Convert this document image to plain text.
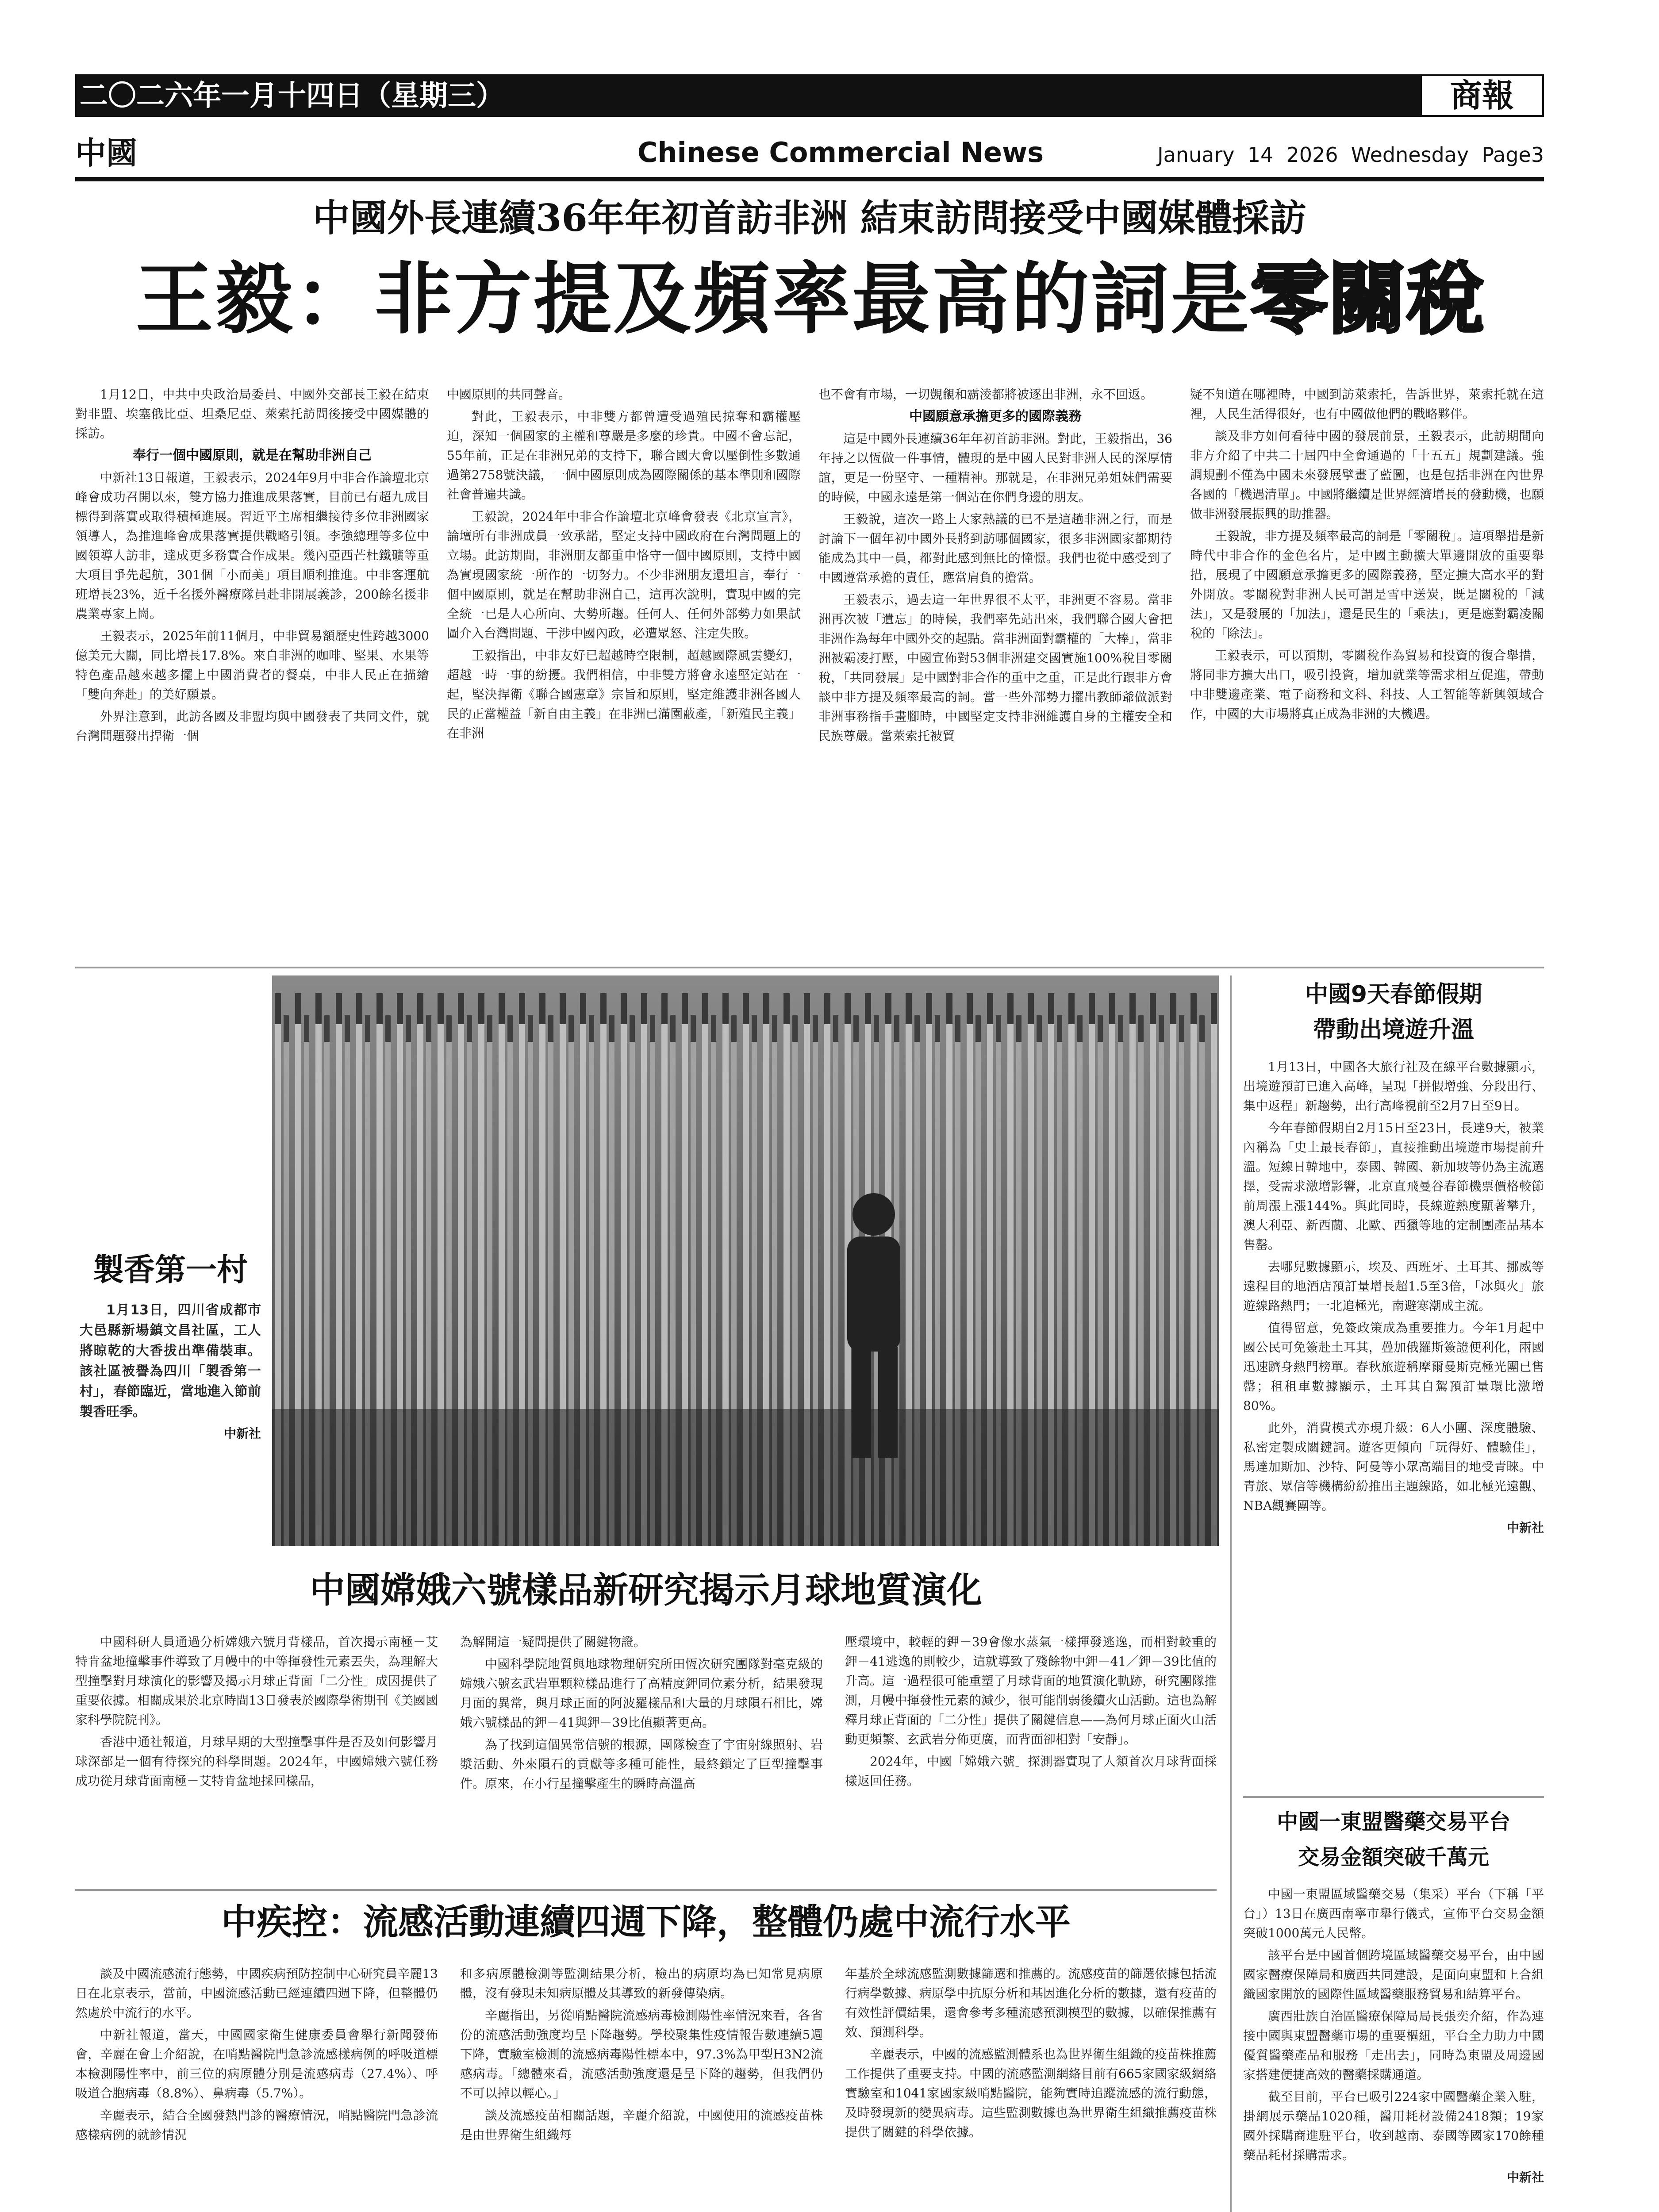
二〇二六年一月十四日（星期三）	商報
中國	Chinese Commercial News	January  14  2026  Wednesday  Page3
中國外長連續36年年初首訪非洲 結束訪問接受中國媒體採訪
王毅：非方提及頻率最高的詞是零關稅

1月12日，中共中央政治局委員、中國外交部長王毅在結束對非盟、埃塞俄比亞、坦桑尼亞、萊索托訪問後接受中國媒體的採訪。

奉行一個中國原則，就是在幫助非洲自己

中新社13日報道，王毅表示，2024年9月中非合作論壇北京峰會成功召開以來，雙方協力推進成果落實，目前已有超九成目標得到落實或取得積極進展。習近平主席相繼接待多位非洲國家領導人，為推進峰會成果落實提供戰略引領。李強總理等多位中國領導人訪非，達成更多務實合作成果。幾內亞西芒杜鐵礦等重大項目爭先起航，301個「小而美」項目順利推進。中非客運航班增長23%，近千名援外醫療隊員赴非開展義診，200餘名援非農業專家上崗。

王毅表示，2025年前11個月，中非貿易額歷史性跨越3000億美元大關，同比增長17.8%。來自非洲的咖啡、堅果、水果等特色產品越來越多擺上中國消費者的餐桌，中非人民正在描繪「雙向奔赴」的美好願景。

外界注意到，此訪各國及非盟均與中國發表了共同文件，就台灣問題發出捍衛一個

中國原則的共同聲音。

對此，王毅表示，中非雙方都曾遭受過殖民掠奪和霸權壓迫，深知一個國家的主權和尊嚴是多麼的珍貴。中國不會忘記，55年前，正是在非洲兄弟的支持下，聯合國大會以壓倒性多數通過第2758號決議，一個中國原則成為國際關係的基本準則和國際社會普遍共識。

王毅說，2024年中非合作論壇北京峰會發表《北京宣言》，論壇所有非洲成員一致承諾，堅定支持中國政府在台灣問題上的立場。此訪期間，非洲朋友都重申恪守一個中國原則，支持中國為實現國家統一所作的一切努力。不少非洲朋友還坦言，奉行一個中國原則，就是在幫助非洲自己，這再次說明，實現中國的完全統一已是人心所向、大勢所趨。任何人、任何外部勢力如果試圖介入台灣問題、干涉中國內政，必遭眾怒、注定失敗。

王毅指出，中非友好已超越時空限制，超越國際風雲變幻，超越一時一事的紛擾。我們相信，中非雙方將會永遠堅定站在一起，堅決捍衛《聯合國憲章》宗旨和原則，堅定維護非洲各國人民的正當權益「新自由主義」在非洲已滿園蔽產，「新殖民主義」在非洲

也不會有市場，一切覬覦和霸淩都將被逐出非洲，永不回返。

中國願意承擔更多的國際義務

這是中國外長連續36年年初首訪非洲。對此，王毅指出，36年持之以恆做一件事情，體現的是中國人民對非洲人民的深厚情誼，更是一份堅守、一種精神。那就是，在非洲兄弟姐妹們需要的時候，中國永遠是第一個站在你們身邊的朋友。

王毅說，這次一路上大家熱議的已不是這趟非洲之行，而是討論下一個年初中國外長將到訪哪個國家，很多非洲國家都期待能成為其中一員，都對此感到無比的憧憬。我們也從中感受到了中國遵當承擔的責任，應當肩負的擔當。

王毅表示，過去這一年世界很不太平，非洲更不容易。當非洲再次被「遺忘」的時候，我們率先站出來，我們聯合國大會把非洲作為每年中國外交的起點。當非洲面對霸權的「大棒」，當非洲被霸凌打壓，中國宣佈對53個非洲建交國實施100%稅目零關稅，「共同發展」是中國對非合作的重中之重，正是此行跟非方會談中非方提及頻率最高的詞。當一些外部勢力擺出教師爺做派對非洲事務指手畫腳時，中國堅定支持非洲維護自身的主權安全和民族尊嚴。當萊索托被貿

疑不知道在哪裡時，中國到訪萊索托，告訴世界，萊索托就在這裡，人民生活得很好，也有中國做他們的戰略夥伴。

談及非方如何看待中國的發展前景，王毅表示，此訪期間向非方介紹了中共二十屆四中全會通過的「十五五」規劃建議。強調規劃不僅為中國未來發展擘畫了藍圖，也是包括非洲在內世界各國的「機遇清單」。中國將繼續是世界經濟增長的發動機，也願做非洲發展振興的助推器。

王毅說，非方提及頻率最高的詞是「零關稅」。這項舉措是新時代中非合作的金色名片，是中國主動擴大單邊開放的重要舉措，展現了中國願意承擔更多的國際義務，堅定擴大高水平的對外開放。零關稅對非洲人民可謂是雪中送炭，既是關稅的「減法」，又是發展的「加法」，還是民生的「乘法」，更是應對霸凌關稅的「除法」。

王毅表示，可以預期，零關稅作為貿易和投資的復合舉措，將同非方擴大出口，吸引投資，增加就業等需求相互促進，帶動中非雙邊產業、電子商務和文科、科技、人工智能等新興領域合作，中國的大市場將真正成為非洲的大機遇。

製香第一村
1月13日，四川省成都市大邑縣新場鎮文昌社區，工人將晾乾的大香拔出準備裝車。該社區被譽為四川「製香第一村」，春節臨近，當地進入節前製香旺季。
中新社
中國9天春節假期
帶動出境遊升溫

1月13日，中國各大旅行社及在線平台數據顯示，出境遊預訂已進入高峰，呈現「拼假增強、分段出行、集中返程」新趨勢，出行高峰視前至2月7日至9日。

今年春節假期自2月15日至23日，長達9天，被業內稱為「史上最長春節」，直接推動出境遊市場提前升溫。短線日韓地中，泰國、韓國、新加坡等仍為主流選擇，受需求激增影響，北京直飛曼谷春節機票價格較節前周漲上漲144%。與此同時，長線遊熱度顯著攀升，澳大利亞、新西蘭、北歐、西獵等地的定制團產品基本售罄。

去哪兒數據顯示，埃及、西班牙、土耳其、挪威等遠程目的地酒店預訂量增長超1.5至3倍，「冰與火」旅遊線路熱門；一北追極光，南避寒潮成主流。

值得留意，免簽政策成為重要推力。今年1月起中國公民可免簽赴土耳其，疊加俄羅斯簽證便利化，兩國迅速躋身熱門榜單。春秋旅遊稱摩爾曼斯克極光團已售罄；租租車數據顯示，土耳其自駕預訂量環比激增80%。

此外，消費模式亦現升級：6人小團、深度體驗、私密定製成關鍵詞。遊客更傾向「玩得好、體驗佳」，馬達加斯加、沙特、阿曼等小眾高端目的地受青睞。中青旅、眾信等機構紛紛推出主題線路，如北極光遠觀、NBA觀賽團等。

中新社

中國嫦娥六號樣品新研究揭示月球地質演化

中國科研人員通過分析嫦娥六號月背樣品，首次揭示南極－艾特肯盆地撞擊事件導致了月幔中的中等揮發性元素丟失，為理解大型撞擊對月球演化的影響及揭示月球正背面「二分性」成因提供了重要依據。相關成果於北京時間13日發表於國際學術期刊《美國國家科學院院刊》。

香港中通社報道，月球早期的大型撞擊事件是否及如何影響月球深部是一個有待探究的科學問題。2024年，中國嫦娥六號任務成功從月球背面南極－艾特肯盆地採回樣品，

為解開這一疑問提供了關鍵物證。

中國科學院地質與地球物理研究所田恆次研究團隊對毫克級的嫦娥六號玄武岩單顆粒樣品進行了高精度鉀同位素分析，結果發現月面的異常，與月球正面的阿波羅樣品和大量的月球隕石相比，嫦娥六號樣品的鉀－41與鉀－39比值顯著更高。

為了找到這個異常信號的根源，團隊檢查了宇宙射線照射、岩漿活動、外來隕石的貢獻等多種可能性，最終鎖定了巨型撞擊事件。原來，在小行星撞擊產生的瞬時高溫高

壓環境中，較輕的鉀－39會像水蒸氣一樣揮發逃逸，而相對較重的鉀－41逃逸的則較少，這就導致了殘餘物中鉀－41／鉀－39比值的升高。這一過程很可能重塑了月球背面的地質演化軌跡，研究團隊推測，月幔中揮發性元素的減少，很可能削弱後續火山活動。這也為解釋月球正背面的「二分性」提供了關鍵信息——為何月球正面火山活動更頻繁、玄武岩分佈更廣，而背面卻相對「安靜」。

2024年，中國「嫦娥六號」探測器實現了人類首次月球背面採樣返回任務。

中疾控：流感活動連續四週下降，整體仍處中流行水平

談及中國流感流行態勢，中國疾病預防控制中心研究員辛麗13日在北京表示，當前，中國流感活動已經連續四週下降，但整體仍然處於中流行的水平。

中新社報道，當天，中國國家衛生健康委員會舉行新聞發佈會，辛麗在會上介紹說，在哨點醫院門急診流感樣病例的呼吸道標本檢測陽性率中，前三位的病原體分別是流感病毒（27.4%）、呼吸道合胞病毒（8.8%）、鼻病毒（5.7%）。

辛麗表示，結合全國發熱門診的醫療情況，哨點醫院門急診流感樣病例的就診情況

和多病原體檢測等監測結果分析，檢出的病原均為已知常見病原體，沒有發現未知病原體及其導致的新發傳染病。

辛麗指出，另從哨點醫院流感病毒檢測陽性率情況來看，各省份的流感活動強度均呈下降趨勢。學校聚集性疫情報告數連續5週下降，實驗室檢測的流感病毒陽性標本中，97.3%為甲型H3N2流感病毒。「總體來看，流感活動強度還是呈下降的趨勢，但我們仍不可以掉以輕心。」

談及流感疫苗相關話題，辛麗介紹說，中國使用的流感疫苗株是由世界衛生組織每

年基於全球流感監測數據篩選和推薦的。流感疫苗的篩選依據包括流行病學數據、病原學中抗原分析和基因進化分析的數據，還有疫苗的有效性評價結果，還會參考多種流感預測模型的數據，以確保推薦有效、預測科學。

辛麗表示，中國的流感監測體系也為世界衛生組織的疫苗株推薦工作提供了重要支持。中國的流感監測網絡目前有665家國家級網絡實驗室和1041家國家級哨點醫院，能夠實時追蹤流感的流行動態，及時發現新的變異病毒。這些監測數據也為世界衛生組織推薦疫苗株提供了關鍵的科學依據。

中國一東盟醫藥交易平台
交易金額突破千萬元

中國一東盟區域醫藥交易（集采）平台（下稱「平台」）13日在廣西南寧市舉行儀式，宣佈平台交易金額突破1000萬元人民幣。

該平台是中國首個跨境區域醫藥交易平台，由中國國家醫療保障局和廣西共同建設，是面向東盟和上合組織國家開放的國際性區域醫藥服務貿易和結算平台。

廣西壯族自治區醫療保障局局長張奕介紹，作為連接中國與東盟醫藥市場的重要樞紐，平台全力助力中國優質醫藥產品和服務「走出去」，同時為東盟及周邊國家搭建便捷高效的醫藥採購通道。

截至目前，平台已吸引224家中國醫藥企業入駐，掛網展示藥品1020種，醫用耗材設備2418類；19家國外採購商進駐平台，收到越南、泰國等國家170餘種藥品耗材採購需求。

中新社
